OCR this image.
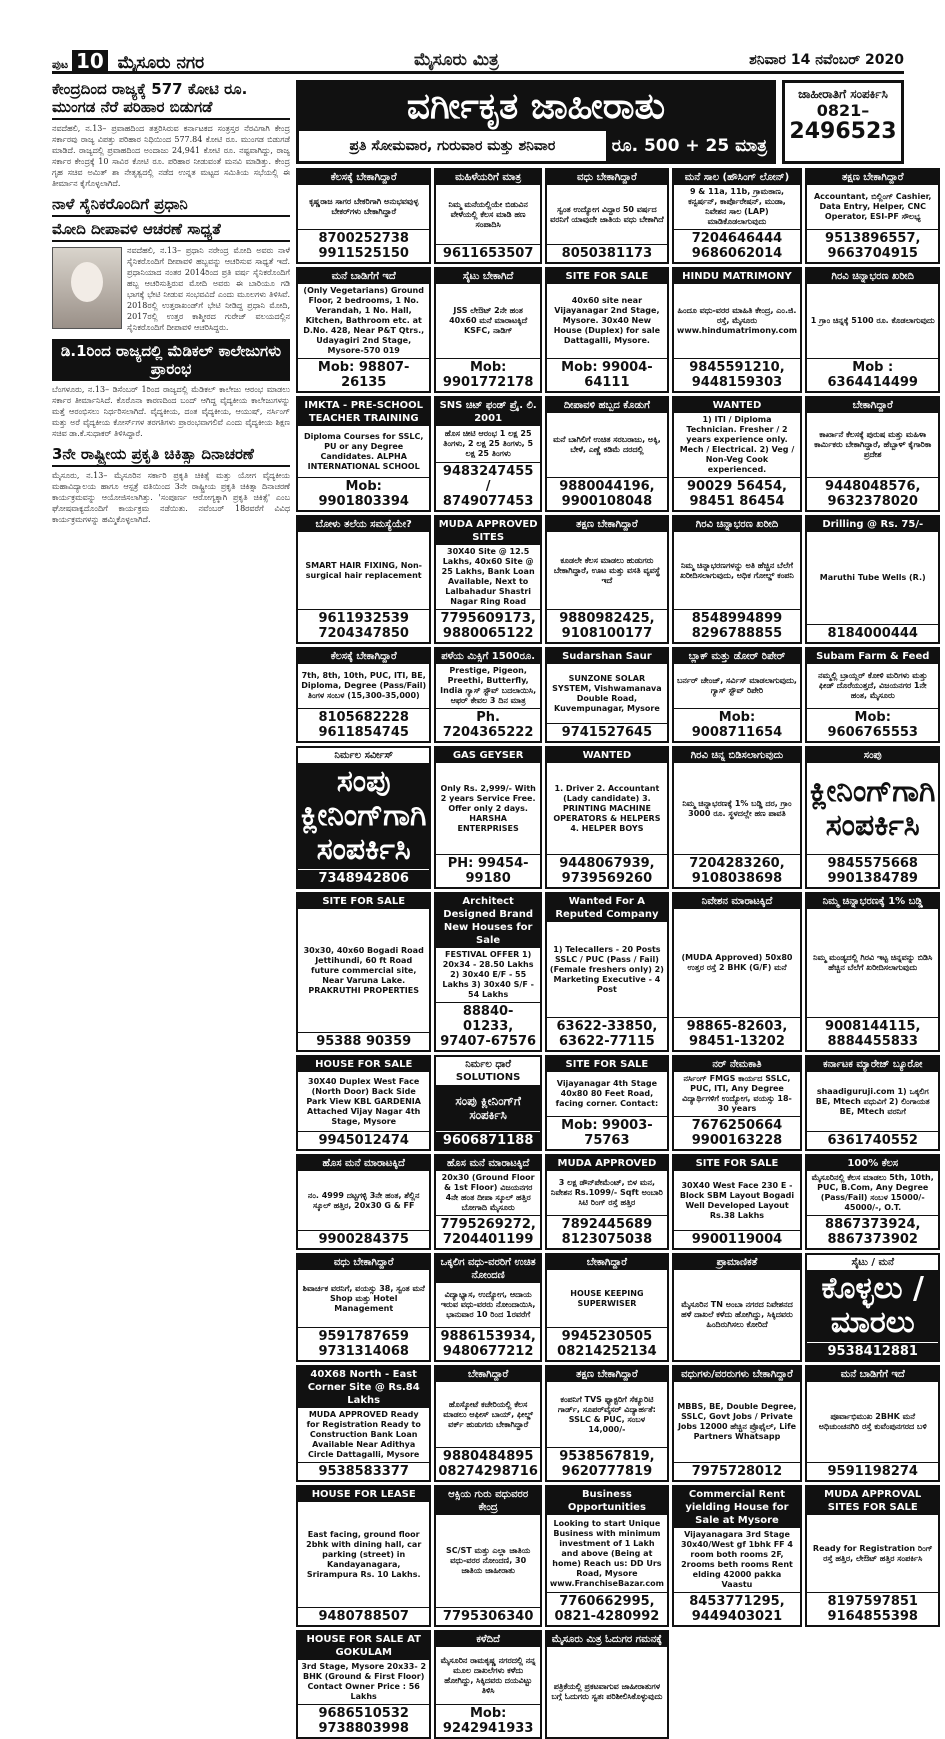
ಪುಟ 10 ಮೈಸೂರು ನಗರ	ಮೈಸೂರು ಮಿತ್ರ	ಶನಿವಾರ 14 ನವೆಂಬರ್ 2020
ಕೇಂದ್ರದಿಂದ ರಾಜ್ಯಕ್ಕೆ 577 ಕೋಟಿ ರೂ. ಮುಂಗಡ ನೆರೆ ಪರಿಹಾರ ಬಿಡುಗಡೆ
ನವದೆಹಲಿ, ನ.13– ಪ್ರವಾಹದಿಂದ ತತ್ತರಿಸಿರುವ ಕರ್ನಾಟಕದ ಸಂತ್ರಸ್ತರ ನೆರವಿಗಾಗಿ ಕೇಂದ್ರ ಸರ್ಕಾರವು ರಾಜ್ಯ ವಿಪತ್ತು ಪರಿಹಾರ ನಿಧಿಯಿಂದ 577.84 ಕೋಟಿ ರೂ. ಮುಂಗಡ ಬಿಡುಗಡೆ ಮಾಡಿದೆ. ರಾಜ್ಯದಲ್ಲಿ ಪ್ರವಾಹದಿಂದ ಅಂದಾಜು 24,941 ಕೋಟಿ ರೂ. ನಷ್ಟವಾಗಿದ್ದು, ರಾಜ್ಯ ಸರ್ಕಾರ ಕೇಂದ್ರಕ್ಕೆ 10 ಸಾವಿರ ಕೋಟಿ ರೂ. ಪರಿಹಾರ ನೀಡುವಂತೆ ಮನವಿ ಮಾಡಿತ್ತು. ಕೇಂದ್ರ ಗೃಹ ಸಚಿವ ಅಮಿತ್ ಶಾ ನೇತೃತ್ವದಲ್ಲಿ ನಡೆದ ಉನ್ನತ ಮಟ್ಟದ ಸಮಿತಿಯ ಸಭೆಯಲ್ಲಿ ಈ ತೀರ್ಮಾನ ಕೈಗೊಳ್ಳಲಾಗಿದೆ.
ನಾಳೆ ಸೈನಿಕರೊಂದಿಗೆ ಪ್ರಧಾನಿ
ಮೋದಿ ದೀಪಾವಳಿ ಆಚರಣೆ ಸಾಧ್ಯತೆ
ನವದೆಹಲಿ, ನ.13– ಪ್ರಧಾನಿ ನರೇಂದ್ರ ಮೋದಿ ಅವರು ನಾಳೆ ಸೈನಿಕರೊಂದಿಗೆ ದೀಪಾವಳಿ ಹಬ್ಬವನ್ನು ಆಚರಿಸುವ ಸಾಧ್ಯತೆ ಇದೆ. ಪ್ರಧಾನಿಯಾದ ನಂತರ 2014ರಿಂದ ಪ್ರತಿ ವರ್ಷ ಸೈನಿಕರೊಂದಿಗೆ ಹಬ್ಬ ಆಚರಿಸುತ್ತಿರುವ ಮೋದಿ ಅವರು ಈ ಬಾರಿಯೂ ಗಡಿ ಭಾಗಕ್ಕೆ ಭೇಟಿ ನೀಡುವ ಸಂಭವವಿದೆ ಎಂದು ಮೂಲಗಳು ತಿಳಿಸಿವೆ. 2018ರಲ್ಲಿ ಉತ್ತರಾಖಂಡ್‌ಗೆ ಭೇಟಿ ನೀಡಿದ್ದ ಪ್ರಧಾನಿ ಮೋದಿ, 2017ರಲ್ಲಿ ಉತ್ತರ ಕಾಶ್ಮೀರದ ಗುರೇಜ್ ವಲಯದಲ್ಲಿನ ಸೈನಿಕರೊಂದಿಗೆ ದೀಪಾವಳಿ ಆಚರಿಸಿದ್ದರು.
ಡಿ.1ರಿಂದ ರಾಜ್ಯದಲ್ಲಿ ಮೆಡಿಕಲ್ ಕಾಲೇಜುಗಳು ಪ್ರಾರಂಭ
ಬೆಂಗಳೂರು, ನ.13– ಡಿಸೆಂಬರ್ 1ರಿಂದ ರಾಜ್ಯದಲ್ಲಿ ಮೆಡಿಕಲ್ ಕಾಲೇಜು ಆರಂಭ ಮಾಡಲು ಸರ್ಕಾರ ತೀರ್ಮಾನಿಸಿದೆ. ಕೊರೊನಾ ಕಾರಣದಿಂದ ಬಂದ್ ಆಗಿದ್ದ ವೈದ್ಯಕೀಯ ಕಾಲೇಜುಗಳನ್ನು ಮತ್ತೆ ಆರಂಭಿಸಲು ನಿರ್ಧರಿಸಲಾಗಿದೆ. ವೈದ್ಯಕೀಯ, ದಂತ ವೈದ್ಯಕೀಯ, ಆಯುಷ್, ನರ್ಸಿಂಗ್ ಮತ್ತು ಅರೆ ವೈದ್ಯಕೀಯ ಕೋರ್ಸ್‌ಗಳ ತರಗತಿಗಳು ಪ್ರಾರಂಭವಾಗಲಿವೆ ಎಂದು ವೈದ್ಯಕೀಯ ಶಿಕ್ಷಣ ಸಚಿವ ಡಾ.ಕೆ.ಸುಧಾಕರ್ ತಿಳಿಸಿದ್ದಾರೆ.
3ನೇ ರಾಷ್ಟ್ರೀಯ ಪ್ರಕೃತಿ ಚಿಕಿತ್ಸಾ ದಿನಾಚರಣೆ
ಮೈಸೂರು, ನ.13– ಮೈಸೂರಿನ ಸರ್ಕಾರಿ ಪ್ರಕೃತಿ ಚಿಕಿತ್ಸೆ ಮತ್ತು ಯೋಗ ವೈದ್ಯಕೀಯ ಮಹಾವಿದ್ಯಾಲಯ ಹಾಗೂ ಆಸ್ಪತ್ರೆ ವತಿಯಿಂದ 3ನೇ ರಾಷ್ಟ್ರೀಯ ಪ್ರಕೃತಿ ಚಿಕಿತ್ಸಾ ದಿನಾಚರಣೆ ಕಾರ್ಯಕ್ರಮವನ್ನು ಆಯೋಜಿಸಲಾಗಿತ್ತು. 'ಸಂಪೂರ್ಣ ಆರೋಗ್ಯಕ್ಕಾಗಿ ಪ್ರಕೃತಿ ಚಿಕಿತ್ಸೆ' ಎಂಬ ಘೋಷವಾಕ್ಯದೊಂದಿಗೆ ಕಾರ್ಯಕ್ರಮ ನಡೆಯಿತು. ನವೆಂಬರ್ 18ರವರೆಗೆ ವಿವಿಧ ಕಾರ್ಯಕ್ರಮಗಳನ್ನು ಹಮ್ಮಿಕೊಳ್ಳಲಾಗಿದೆ.
ವರ್ಗೀಕೃತ ಜಾಹೀರಾತು
ಪ್ರತಿ ಸೋಮವಾರ, ಗುರುವಾರ ಮತ್ತು ಶನಿವಾರ	ರೂ. 500 + 25 ಮಾತ್ರ
ಜಾಹೀರಾತಿಗೆ ಸಂಪರ್ಕಿಸಿ
0821–
2496523
ಕೆಲಸಕ್ಕೆ ಬೇಕಾಗಿದ್ದಾರೆ
ಕೃಷ್ಣರಾಜ ಸಾಗರ ಬೇಕರಿಗಾಗಿ ಅನುಭವವುಳ್ಳ ಬೇಕರ್‌ಗಳು ಬೇಕಾಗಿದ್ದಾರೆ
8700252738 9911525150
ಮಹಿಳೆಯರಿಗೆ ಮಾತ್ರ
ನಿಮ್ಮ ಮನೆಯಲ್ಲಿಯೇ ಬಿಡುವಿನ ವೇಳೆಯಲ್ಲಿ ಕೆಲಸ ಮಾಡಿ ಹಣ ಸಂಪಾದಿಸಿ
9611653507
ವಧು ಬೇಕಾಗಿದ್ದಾರೆ
ಸ್ವಂತ ಉದ್ಯೋಗ ವಿದ್ದಾರ 50 ವರ್ಷದ ವರನಿಗೆ ಯಾವುದೇ ಜಾತಿಯ ವಧು ಬೇಕಾಗಿದೆ
8050381173
ಮನೆ ಸಾಲ (ಹೌಸಿಂಗ್ ಲೋನ್)
9 & 11a, 11b, ಗ್ರಾಮಠಾಣ, ಕನ್ವರ್ಷನ್, ಕಾರ್ಪೊರೇಷನ್, ಮುಡಾ, ನಿವೇಶನ ಸಾಲ (LAP) ಮಾಡಿಕೊಡಲಾಗುವುದು
7204646444 9686062014
ತಕ್ಷಣ ಬೇಕಾಗಿದ್ದಾರೆ
Accountant, ಬಿಲ್ಲಿಂಗ್ Cashier, Data Entry, Helper, CNC Operator, ESI-PF ಸೌಲಭ್ಯ
9513896557, 9663704915
ಮನೆ ಬಾಡಿಗೆಗೆ ಇದೆ
(Only Vegetarians) Ground Floor, 2 bedrooms, 1 No. Verandah, 1 No. Hall, Kitchen, Bathroom etc. at D.No. 428, Near P&T Qtrs., Udayagiri 2nd Stage, Mysore-570 019
Mob: 98807-26135
ಸೈಟು ಬೇಕಾಗಿದೆ
JSS ಲೇಔಟ್ 2ನೇ ಹಂತ 40x60 ಮನೆ ಮಾರಾಟಕ್ಕಿದೆ KSFC, ನಾಡಿಗ್
Mob: 9901772178
SITE FOR SALE
40x60 site near Vijayanagar 2nd Stage, Mysore. 30x40 New House (Duplex) for sale Dattagalli, Mysore.
Mob: 99004-64111
HINDU MATRIMONY
ಹಿಂದೂ ವಧು-ವರರ ಮಾಹಿತಿ ಕೇಂದ್ರ, ಎಂ.ಜಿ. ರಸ್ತೆ, ಮೈಸೂರು www.hindumatrimony.com
9845591210, 9448159303
ಗಿರವಿ ಚಿನ್ನಾಭರಣ ಖರೀದಿ
1 ಗ್ರಾಂ ಚಿನ್ನಕ್ಕೆ 5100 ರೂ. ಕೊಡಲಾಗುವುದು
Mob : 6364414499
IMKTA - PRE-SCHOOL TEACHER TRAINING
Diploma Courses for SSLC, PU or any Degree Candidates. ALPHA INTERNATIONAL SCHOOL
Mob: 9901803394
SNS ಚಿಟ್ ಫಂಡ್ ಪ್ರೈ. ಲಿ. 2001
ಹೊಸ ಚೀಟಿ ಆರಂಭ 1 ಲಕ್ಷ 25 ತಿಂಗಳು, 2 ಲಕ್ಷ 25 ತಿಂಗಳು, 5 ಲಕ್ಷ 25 ತಿಂಗಳು
9483247455 / 8749077453
ದೀಪಾವಳಿ ಹಬ್ಬದ ಕೊಡುಗೆ
ಮನೆ ಬಾಗಿಲಿಗೆ ಉಚಿತ ಸರಬರಾಜು, ಅಕ್ಕಿ, ಬೇಳೆ, ಎಣ್ಣೆ ಕಡಿಮೆ ದರದಲ್ಲಿ
9880044196, 9900108048
WANTED
1) ITI / Diploma Technician. Fresher / 2 years experience only. Mech / Electrical. 2) Veg / Non-Veg Cook experienced.
90029 56454, 98451 86454
ಬೇಕಾಗಿದ್ದಾರೆ
ಕಾರ್ಖಾನೆ ಕೆಲಸಕ್ಕೆ ಪುರುಷ ಮತ್ತು ಮಹಿಳಾ ಕಾರ್ಮಿಕರು ಬೇಕಾಗಿದ್ದಾರೆ, ಹೆಬ್ಬಾಳ್ ಕೈಗಾರಿಕಾ ಪ್ರದೇಶ
9448048576, 9632378020
ಬೋಳು ತಲೆಯ ಸಮಸ್ಯೆಯೇ?
SMART HAIR FIXING, Non-surgical hair replacement
9611932539 7204347850
MUDA APPROVED SITES
30X40 Site @ 12.5 Lakhs, 40x60 Site @ 25 Lakhs, Bank Loan Available, Next to Lalbahadur Shastri Nagar Ring Road
7795609173, 9880065122
ತಕ್ಷಣ ಬೇಕಾಗಿದ್ದಾರೆ
ಕೂಡಲೇ ಕೆಲಸ ಮಾಡಲು ಹುಡುಗರು ಬೇಕಾಗಿದ್ದಾರೆ, ಊಟ ಮತ್ತು ವಸತಿ ವ್ಯವಸ್ಥೆ ಇದೆ
9880982425, 9108100177
ಗಿರವಿ ಚಿನ್ನಾಭರಣ ಖರೀದಿ
ನಿಮ್ಮ ಚಿನ್ನಾಭರಣಗಳನ್ನು ಅತಿ ಹೆಚ್ಚಿನ ಬೆಲೆಗೆ ಖರೀದಿಸಲಾಗುವುದು, ಅಧಿಕ ಗೋಲ್ಡ್ ಕಂಪನಿ
8548994899 8296788855
Drilling @ Rs. 75/-
Maruthi Tube Wells (R.)
8184000444
ಕೆಲಸಕ್ಕೆ ಬೇಕಾಗಿದ್ದಾರೆ
7th, 8th, 10th, PUC, ITI, BE, Diploma, Degree (Pass/Fail) ತಿಂಗಳ ಸಂಬಳ (15,300-35,000)
8105682228 9611854745
ಪಳೆಯ ಮಿಕ್ಸಿಗೆ 1500ರೂ.
Prestige, Pigeon, Preethi, Butterfly, India ಗ್ಯಾಸ್ ಸ್ಟೌವ್ ಬದಲಾಯಿಸಿ, ಆಫರ್ ಕೇವಲ 3 ದಿನ ಮಾತ್ರ
Ph. 7204365222
Sudarshan Saur
SUNZONE SOLAR SYSTEM, Vishwamanava Double Road, Kuvempunagar, Mysore
9741527645
ಬ್ಲಾಕ್ ಮತ್ತು ಡೋರ್ ರಿಪೇರ್
ಬರ್ನರ್ ಚೇಂಜ್, ಸರ್ವಿಸ್ ಮಾಡಲಾಗುವುದು, ಗ್ಯಾಸ್ ಸ್ಟೌವ್ ರಿಪೇರಿ
Mob: 9008711654
Subam Farm & Feed
ನಮ್ಮಲ್ಲಿ ಬ್ರಾಯ್ಲರ್ ಕೋಳಿ ಮರಿಗಳು ಮತ್ತು ಫೀಡ್ ದೊರೆಯುತ್ತದೆ, ವಿಜಯನಗರ 1ನೇ ಹಂತ, ಮೈಸೂರು
Mob: 9606765553
ನಿರ್ಮಲ ಸರ್ವೀಸ್
ಸಂಪು ಕ್ಲೀನಿಂಗ್‌ಗಾಗಿ ಸಂಪರ್ಕಿಸಿ
7348942806
GAS GEYSER
Only Rs. 2,999/- With 2 years Service Free. Offer only 2 days. HARSHA ENTERPRISES
PH: 99454-99180
WANTED
1. Driver 2. Accountant (Lady candidate) 3. PRINTING MACHINE OPERATORS & HELPERS 4. HELPER BOYS
9448067939, 9739569260
ಗಿರವಿ ಚಿನ್ನ ಬಿಡಿಸಲಾಗುವುದು
ನಿಮ್ಮ ಚಿನ್ನಾಭರಣಕ್ಕೆ 1% ಬಡ್ಡಿ ದರ, ಗ್ರಾಂ 3000 ರೂ. ಸ್ಥಳದಲ್ಲೇ ಹಣ ಪಾವತಿ
7204283260, 9108038698
ಸಂಪು
ಕ್ಲೀನಿಂಗ್‌ಗಾಗಿ ಸಂಪರ್ಕಿಸಿ
9845575668 9901384789
SITE FOR SALE
30x30, 40x60 Bogadi Road Jettihundi, 60 ft Road future commercial site, Near Varuna Lake. PRAKRUTHI PROPERTIES
95388 90359
Architect Designed Brand New Houses for Sale
FESTIVAL OFFER 1) 20x34 - 28.50 Lakhs 2) 30x40 E/F - 55 Lakhs 3) 30x40 S/F - 54 Lakhs
88840-01233, 97407-67576
Wanted For A Reputed Company
1) Telecallers - 20 Posts SSLC / PUC (Pass / Fail) (Female freshers only) 2) Marketing Executive - 4 Post
63622-33850, 63622-77115
ನಿವೇಶನ ಮಾರಾಟಕ್ಕಿದೆ
(MUDA Approved) 50x80 ಉತ್ತರ ರಸ್ತೆ 2 BHK (G/F) ಮನೆ
98865-82603, 98451-13202
ನಿಮ್ಮ ಚಿನ್ನಾಭರಣಕ್ಕೆ 1% ಬಡ್ಡಿ
ನಿಮ್ಮ ಮಂಡ್ಯದಲ್ಲಿ ಗಿರವಿ ಇಟ್ಟ ಚಿನ್ನವನ್ನು ಬಿಡಿಸಿ ಹೆಚ್ಚಿನ ಬೆಲೆಗೆ ಖರೀದಿಸಲಾಗುವುದು
9008144115, 8884455833
HOUSE FOR SALE
30X40 Duplex West Face (North Door) Back Side Park View KBL GARDENIA Attached Vijay Nagar 4th Stage, Mysore
9945012474
ನಿರ್ಮಲ ಧಾರೆ SOLUTIONS
ಸಂಪು ಕ್ಲೀನಿಂಗ್‌ಗೆ ಸಂಪರ್ಕಿಸಿ
9606871188
SITE FOR SALE
Vijayanagar 4th Stage 40x80 80 Feet Road, facing corner. Contact:
Mob: 99003-75763
ನರ್ ನೇಮಕಾತಿ
ನರ್ಸಿಂಗ್ FMGS ಕಾರ್ಯದ SSLC, PUC, ITI, Any Degree ವಿದ್ಯಾರ್ಥಿಗಳಿಗೆ ಉದ್ಯೋಗ, ವಯಸ್ಸು 18-30 years
7676250664 9900163228
ಕರ್ನಾಟಕ ಮ್ಯಾರೇಜ್ ಬ್ಯೂರೋ
shaadiguruji.com 1) ಒಕ್ಕಲಿಗ BE, Mtech ವಧುವಿಗೆ 2) ಲಿಂಗಾಯತ BE, Mtech ವರನಿಗೆ
6361740552
ಹೊಸ ಮನೆ ಮಾರಾಟಕ್ಕಿದೆ
ನಂ. 4999 ದಟ್ಟಗಳ್ಳಿ 3ನೇ ಹಂತ, ಶೆಲ್ಲಿನ ಸ್ಕೂಲ್ ಹತ್ತಿರ, 20x30 G & FF
9900284375
ಹೊಸ ಮನೆ ಮಾರಾಟಕ್ಕಿದೆ
20x30 (Ground Floor & 1st Floor) ವಿಜಯನಗರ 4ನೇ ಹಂತ ದೀಪಾ ಸ್ಕೂಲ್ ಹತ್ತಿರ ಬೋಗಾದಿ ಮೈಸೂರು
7795269272, 7204401199
MUDA APPROVED
3 ಲಕ್ಷ ಡೌನ್‌ಪೇಮೆಂಟ್, ಬಿಳ ಮನ, ನಿವೇಶನ Rs.1099/- Sqft ಅಂಬಾರಿ ಸಿಟಿ ರಿಂಗ್ ರಸ್ತೆ ಹತ್ತಿರ
7892445689 8123075038
SITE FOR SALE
30X40 West Face 230 E - Block SBM Layout Bogadi Well Developed Layout Rs.38 Lakhs
9900119004
100% ಕೆಲಸ
ಮೈಸೂರಿನಲ್ಲಿ ಕೆಲಸ ಮಾಡಲು 5th, 10th, PUC, B.Com, Any Degree (Pass/Fail) ಸಂಬಳ 15000/- 45000/-, O.T.
8867373924, 8867373902
ವಧು ಬೇಕಾಗಿದ್ದಾರೆ
ಶಿವಾರ್ಚಕ ವರನಿಗೆ, ವಯಸ್ಸು 38, ಸ್ವಂತ ಮನೆ Shop ಮತ್ತು Hotel Management
9591787659 9731314068
ಒಕ್ಕಲಿಗ ವಧು-ವರರಿಗೆ ಉಚಿತ ನೋಂದಣಿ
ವಿದ್ಯಾಭ್ಯಾಸ, ಉದ್ಯೋಗ, ಆದಾಯ ಇರುವ ವಧು-ವರರು ನೋಂದಾಯಿಸಿ, ಭಾನುವಾರ 10 ರಿಂದ 1ರವರೆಗೆ
9886153934, 9480677212
ಬೇಕಾಗಿದ್ದಾರೆ
HOUSE KEEPING SUPERWISER
9945230505 08214252134
ಪ್ರಾಮಾಣಿಕತೆ
ಮೈಸೂರಿನ TN ಅಂಬಾ ನಗರದ ನಿವೇಶನದ ಹಳೆ ದಾಖಲೆ ಕಳೆದು ಹೋಗಿದ್ದು, ಸಿಕ್ಕಿದವರು ಹಿಂದಿರುಗಿಸಲು ಕೋರಿದೆ
ಸೈಟು / ಮನೆ
ಕೊಳ್ಳಲು / ಮಾರಲು
9538412881
40X68 North - East Corner Site @ Rs.84 Lakhs
MUDA APPROVED Ready for Registration Ready to Construction Bank Loan Available Near Adithya Circle Dattagalli, Mysore
9538583377
ಬೇಕಾಗಿದ್ದಾರೆ
ಹೊಸ್ಕೋಟೆ ಕಚೇರಿಯಲ್ಲಿ ಕೆಲಸ ಮಾಡಲು ಆಫೀಸ್ ಬಾಯ್, ಫೀಲ್ಡ್ ವರ್ಕ್ ಹುಡುಗರು ಬೇಕಾಗಿದ್ದಾರೆ
9880484895 08274298716
ತಕ್ಷಣ ಬೇಕಾಗಿದ್ದಾರೆ
ಕಂಪನಿಗೆ TVS ಫ್ಯಾಕ್ಟರಿಗೆ ಸೆಕ್ಯೂರಿಟಿ ಗಾರ್ಡ್, ಸೂಪರ್‌ವೈಸರ್ ವಿದ್ಯಾರ್ಹತೆ: SSLC & PUC, ಸಂಬಳ 14,000/-
9538567819, 9620777819
ವಧುಗಳು/ವರರುಗಳು ಬೇಕಾಗಿದ್ದಾರೆ
MBBS, BE, Double Degree, SSLC, Govt Jobs / Private Jobs 12000 ಹೆಚ್ಚಿನ ಪ್ರೊಫೈಲ್, Life Partners Whatsapp
7975728012
ಮನೆ ಬಾಡಿಗೆಗೆ ಇದೆ
ಪೂರ್ವಾಭಿಮುಖ 2BHK ಮನೆ ಅಧಿಚುಂಚನಗಿರಿ ರಸ್ತೆ ಕುವೆಂಪುನಗರದ ಬಳಿ
9591198274
HOUSE FOR LEASE
East facing, ground floor 2bhk with dining hall, car parking (street) in Kandayanagara, Srirampura Rs. 10 Lakhs.
9480788507
ಆಕ್ಸಿಯ ಗುರು ವಧುವರರ ಕೇಂದ್ರ
SC/ST ಮತ್ತು ಎಲ್ಲಾ ಜಾತಿಯ ವಧು-ವರರ ನೋಂದಣಿ, 30 ಜಾತಿಯ ಜಾಹೀರಾತು
7795306340
Business Opportunities
Looking to start Unique Business with minimum investment of 1 Lakh and above (Being at home) Reach us: DD Urs Road, Mysore www.FranchiseBazar.com
7760662995, 0821-4280992
Commercial Rent yielding House for Sale at Mysore
Vijayanagara 3rd Stage 30x40/West gf 1bhk FF 4 room both rooms 2F, 2rooms beth rooms Rent elding 42000 pakka Vaastu
8453771295, 9449403021
MUDA APPROVAL SITES FOR SALE
Ready for Registration ರಿಂಗ್ ರಸ್ತೆ ಹತ್ತಿರ, ಲೇಔಟ್ ಹತ್ತಿರ ಸಂಪರ್ಕಿಸಿ
8197597851 9164855398
HOUSE FOR SALE AT GOKULAM
3rd Stage, Mysore 20x33- 2 BHK (Ground & First Floor) Contact Owner Price : 56 Lakhs
9686510532 9738803998
ಕಳೆದಿದೆ
ಮೈಸೂರಿನ ರಾಮಕೃಷ್ಣ ನಗರದಲ್ಲಿ ನನ್ನ ಮೂಲ ದಾಖಲೆಗಳು ಕಳೆದು ಹೋಗಿದ್ದು, ಸಿಕ್ಕಿದವರು ದಯವಿಟ್ಟು ತಿಳಿಸಿ
Mob: 9242941933
ಮೈಸೂರು ಮಿತ್ರ ಓದುಗರ ಗಮನಕ್ಕೆ
ಪತ್ರಿಕೆಯಲ್ಲಿ ಪ್ರಕಟವಾಗುವ ಜಾಹೀರಾತುಗಳ ಬಗ್ಗೆ ಓದುಗರು ಸ್ವತಃ ಪರಿಶೀಲಿಸಿಕೊಳ್ಳುವುದು
